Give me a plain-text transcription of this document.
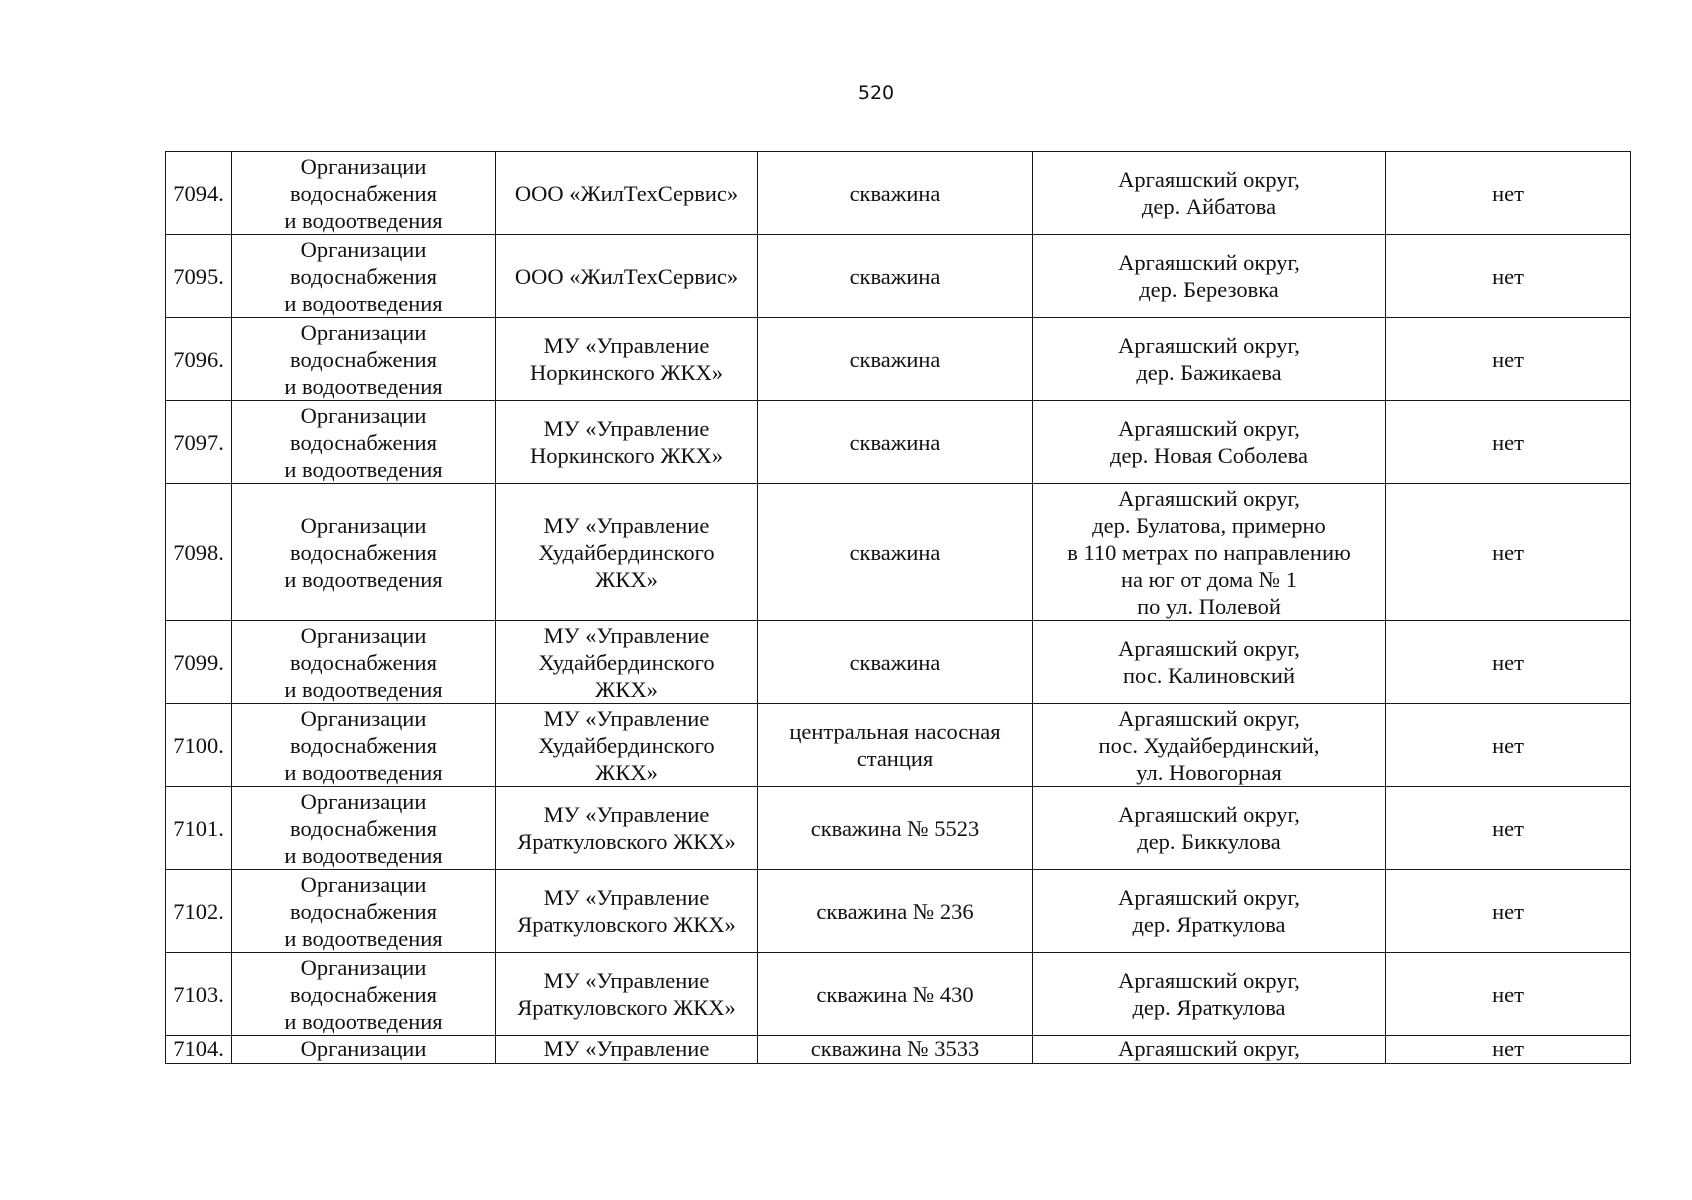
520
7094.	Организации
водоснабжения
и водоотведения	ООО «ЖилТехСервис»	скважина	Аргаяшский округ,
дер. Айбатова	нет
7095.	Организации
водоснабжения
и водоотведения	ООО «ЖилТехСервис»	скважина	Аргаяшский округ,
дер. Березовка	нет
7096.	Организации
водоснабжения
и водоотведения	МУ «Управление
Норкинского ЖКХ»	скважина	Аргаяшский округ,
дер. Бажикаева	нет
7097.	Организации
водоснабжения
и водоотведения	МУ «Управление
Норкинского ЖКХ»	скважина	Аргаяшский округ,
дер. Новая Соболева	нет
7098.	Организации
водоснабжения
и водоотведения	МУ «Управление
Худайбердинского
ЖКХ»	скважина	Аргаяшский округ,
дер. Булатова, примерно
в 110 метрах по направлению
на юг от дома № 1
по ул. Полевой	нет
7099.	Организации
водоснабжения
и водоотведения	МУ «Управление
Худайбердинского
ЖКХ»	скважина	Аргаяшский округ,
пос. Калиновский	нет
7100.	Организации
водоснабжения
и водоотведения	МУ «Управление
Худайбердинского
ЖКХ»	центральная насосная
станция	Аргаяшский округ,
пос. Худайбердинский,
ул. Новогорная	нет
7101.	Организации
водоснабжения
и водоотведения	МУ «Управление
Яраткуловского ЖКХ»	скважина № 5523	Аргаяшский округ,
дер. Биккулова	нет
7102.	Организации
водоснабжения
и водоотведения	МУ «Управление
Яраткуловского ЖКХ»	скважина № 236	Аргаяшский округ,
дер. Яраткулова	нет
7103.	Организации
водоснабжения
и водоотведения	МУ «Управление
Яраткуловского ЖКХ»	скважина № 430	Аргаяшский округ,
дер. Яраткулова	нет
7104.	Организации	МУ «Управление	скважина № 3533	Аргаяшский округ,	нет
